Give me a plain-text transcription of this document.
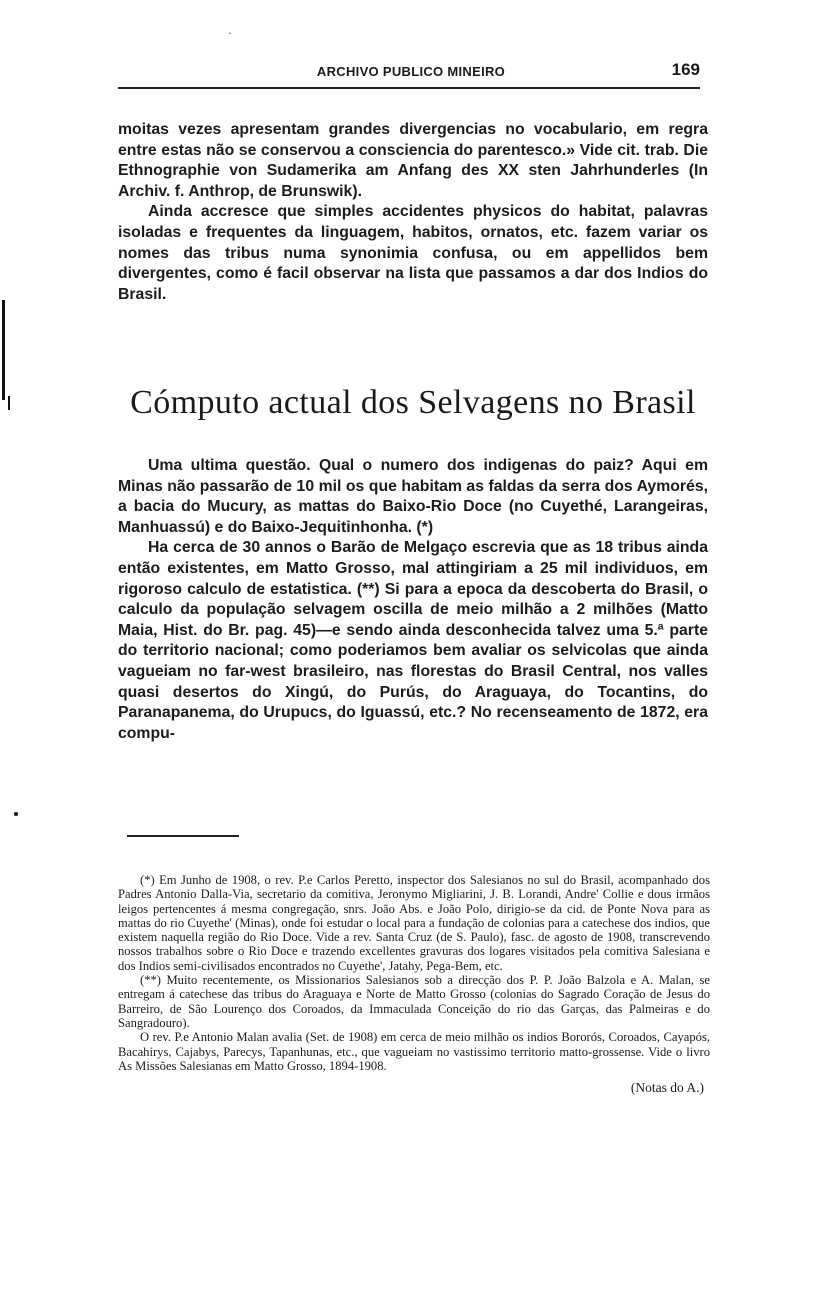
·
ARCHIVO PUBLICO MINEIRO	169

moitas vezes apresentam grandes divergencias no vocabulario, em regra entre estas não se conservou a consciencia do parentesco.» Vide cit. trab. Die Ethnographie von Sudamerika am Anfang des XX sten Jahrhunderles (In Archiv. f. Anthrop, de Brunswik).

Ainda accresce que simples accidentes physicos do habitat, palavras isoladas e frequentes da linguagem, habitos, ornatos, etc. fazem variar os nomes das tribus numa synonimia confusa, ou em appellidos bem divergentes, como é facil observar na lista que passamos a dar dos Indios do Brasil.

Cómputo actual dos Selvagens no Brasil

Uma ultima questão. Qual o numero dos indigenas do paiz? Aqui em Minas não passarão de 10 mil os que habitam as faldas da serra dos Aymorés, a bacia do Mucury, as mattas do Baixo-Rio Doce (no Cuyethé, Larangeiras, Manhuassú) e do Baixo-Jequitinhonha. (*)

Ha cerca de 30 annos o Barão de Melgaço escrevia que as 18 tribus ainda então existentes, em Matto Grosso, mal attingiriam a 25 mil individuos, em rigoroso calculo de estatistica. (**) Si para a epoca da descoberta do Brasil, o calculo da população selvagem oscilla de meio milhão a 2 milhões (Matto Maia, Hist. do Br. pag. 45)—e sendo ainda desconhecida talvez uma 5.ª parte do territorio nacional; como poderiamos bem avaliar os selvicolas que ainda vagueiam no far-west brasileiro, nas florestas do Brasil Central, nos valles quasi desertos do Xingú, do Purús, do Araguaya, do Tocantins, do Paranapanema, do Urupucs, do Iguassú, etc.? No recenseamento de 1872, era compu-

(*) Em Junho de 1908, o rev. P.e Carlos Peretto, inspector dos Salesianos no sul do Brasil, acompanhado dos Padres Antonio Dalla-Via, secretario da comitiva, Jeronymo Migliarini, J. B. Lorandi, Andre' Collie e dous irmãos leigos pertencentes á mesma congregação, snrs. João Abs. e João Polo, dirigio-se da cid. de Ponte Nova para as mattas do rio Cuyethe' (Minas), onde foi estudar o local para a fundação de colonias para a catechese dos indios, que existem naquella região do Rio Doce. Vide a rev. Santa Cruz (de S. Paulo), fasc. de agosto de 1908, transcrevendo nossos trabalhos sobre o Rio Doce e trazendo excellentes gravuras dos logares visitados pela comitiva Salesiana e dos Indios semi-civilisados encontrados no Cuyethe', Jatahy, Pega-Bem, etc.

(**) Muito recentemente, os Missionarios Salesianos sob a direcção dos P. P. João Balzola e A. Malan, se entregam á catechese das tribus do Araguaya e Norte de Matto Grosso (colonias do Sagrado Coração de Jesus do Barreiro, de São Lourenço dos Coroados, da Immaculada Conceição do rio das Garças, das Palmeiras e do Sangradouro).

O rev. P.e Antonio Malan avalia (Set. de 1908) em cerca de meio milhão os indios Bororós, Coroados, Cayapós, Bacahirys, Cajabys, Parecys, Tapanhunas, etc., que vagueiam no vastissimo territorio matto-grossense. Vide o livro As Missões Salesianas em Matto Grosso, 1894-1908.

(Notas do A.)
